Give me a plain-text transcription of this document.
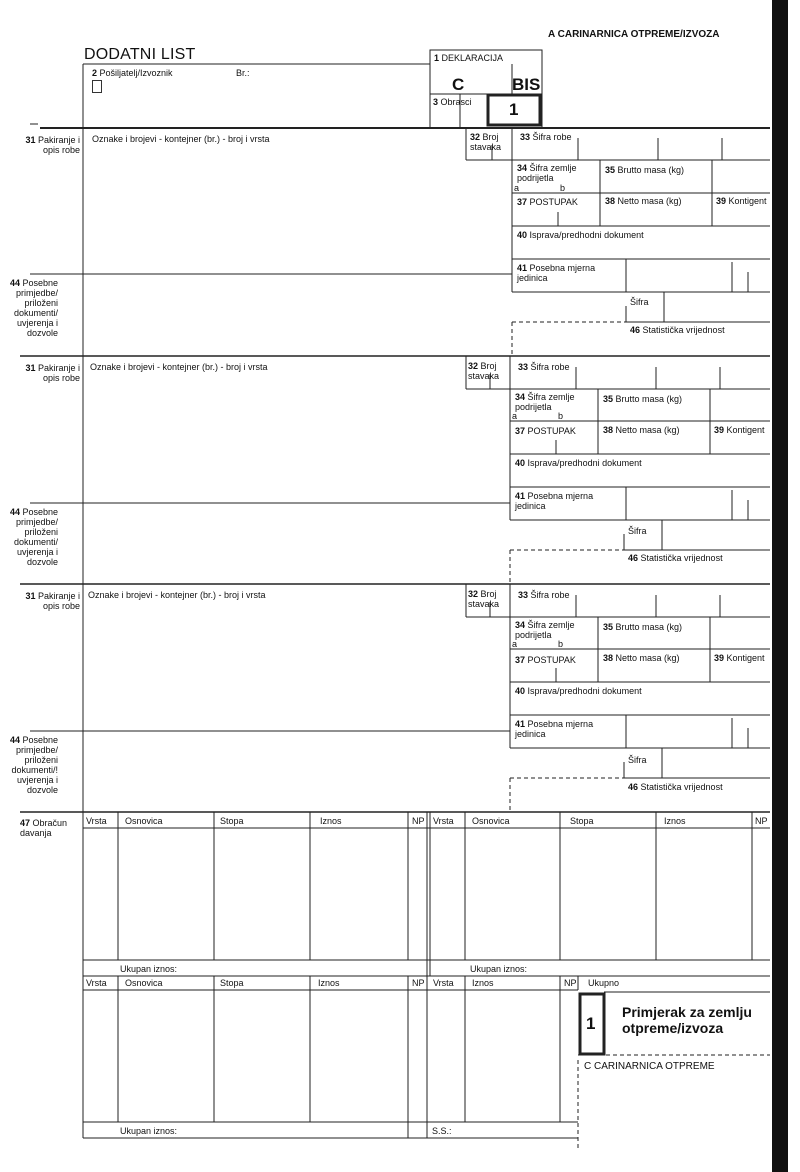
A CARINARNICA OTPREME/IZVOZA
DODATNI LIST
2 Pošiljatelj/Izvoznik	Br.:
1 DEKLARACIJA
C	BIS
3 Obrasci 1
31 Pakiranje i opis robe
Oznake i brojevi - kontejner (br.) - broj i vrsta	32 Broj stavaka
33 Šifra robe
34 Šifra zemlje podrijetla
a	b
35 Brutto masa (kg)
37 POSTUPAK	38 Netto masa (kg)	39 Kontigent
40 Isprava/predhodni dokument
41 Posebna mjerna jedinica
44 Posebne primjedbe/ priloženi dokumenti/ uvjerenja i dozvole
Šifra
46 Statistička vrijednost
31 Pakiranje i opis robe
Oznake i brojevi - kontejner (br.) - broj i vrsta	32 Broj stavaka
33 Šifra robe
34 Šifra zemlje podrijetla
a	b
35 Brutto masa (kg)
37 POSTUPAK	38 Netto masa (kg)	39 Kontigent
40 Isprava/predhodni dokument
41 Posebna mjerna jedinica
44 Posebne primjedbe/ priloženi dokumenti/ uvjerenja i dozvole
Šifra
46 Statistička vrijednost
31 Pakiranje i opis robe
Oznake i brojevi - kontejner (br.) - broj i vrsta	32 Broj stavaka
33 Šifra robe
34 Šifra zemlje podrijetla
a	b
35 Brutto masa (kg)
37 POSTUPAK	38 Netto masa (kg)	39 Kontigent
40 Isprava/predhodni dokument
41 Posebna mjerna jedinica
44 Posebne primjedbe/ priloženi dokumenti/! uvjerenja i dozvole
Šifra
46 Statistička vrijednost
47 Obračun davanja
Vrsta Osnovica	Stopa	Iznos	NP Vrsta Osnovica	Stopa	Iznos	NP
Ukupan iznos:	Ukupan iznos:
Vrsta Osnovica	Stopa	Iznos	NP Vrsta Iznos	NP Ukupno
Ukupan iznos:	S.S.:
1
Primjerak za zemlju otpreme/izvoza
C CARINARNICA OTPREME
